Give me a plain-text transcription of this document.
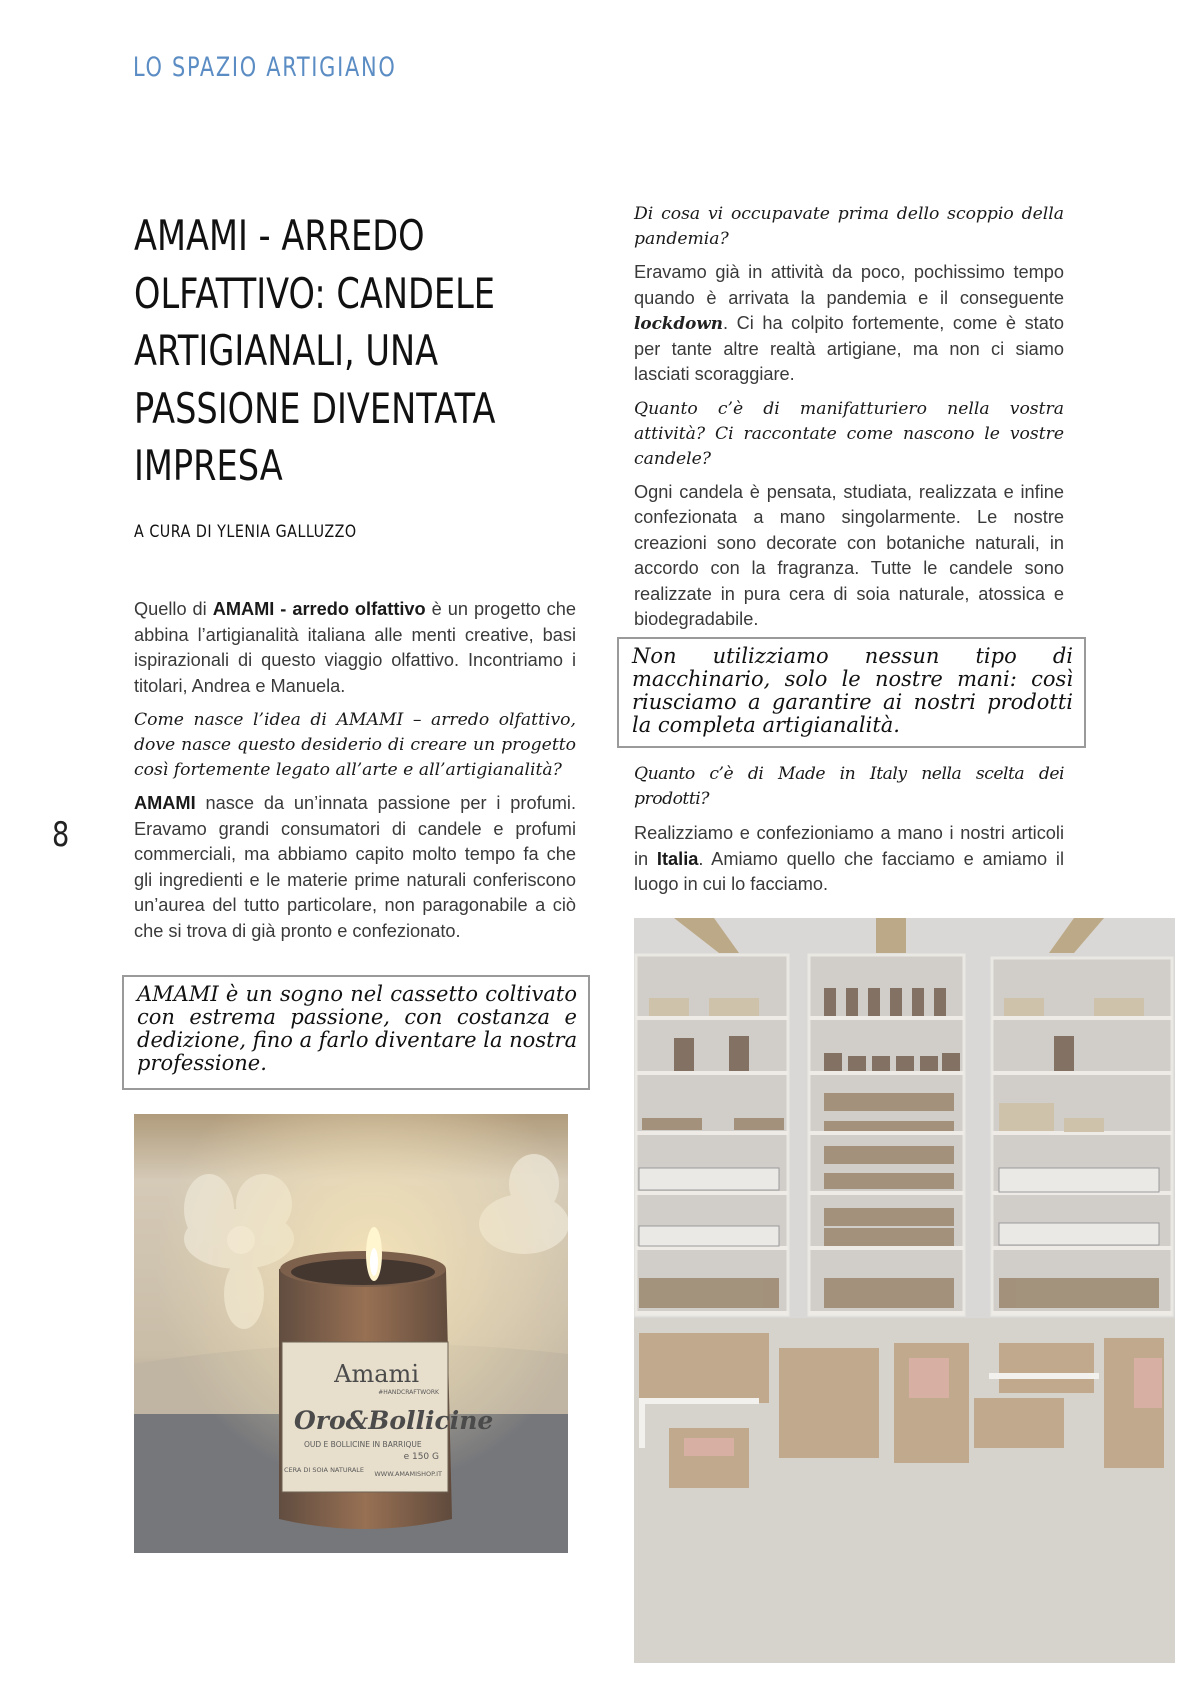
LO SPAZIO ARTIGIANO
AMAMI - ARREDO
OLFATTIVO: CANDELE
ARTIGIANALI, UNA
PASSIONE DIVENTATA
IMPRESA
A CURA DI YLENIA GALLUZZO

Quello di AMAMI - arredo olfattivo è un progetto che abbina l’artigianalità italiana alle menti creative, basi ispirazionali di questo viaggio olfattivo. Incontriamo i titolari, Andrea e Manuela.

Come nasce l’idea di AMAMI – arredo olfattivo, dove nasce questo desiderio di creare un progetto così fortemente legato all’arte e all’artigianalità?

AMAMI nasce da un’innata passione per i profumi. Eravamo grandi consumatori di candele e profumi commerciali, ma abbiamo capito molto tempo fa che gli ingredienti e le materie prime naturali conferiscono un’aurea del tutto particolare, non paragonabile a ciò che si trova di già pronto e confezionato.

AMAMI è un sogno nel cassetto coltivato
con estrema passione, con costanza e
dedizione, fino a farlo diventare la nostra
professione.
Amami
#HANDCRAFTWORK
Oro&Bollicine
OUD E BOLLICINE IN BARRIQUE
e 150 G
CERA DI SOIA NATURALE WWW.AMAMISHOP.IT

Di cosa vi occupavate prima dello scoppio della pandemia?

Eravamo già in attività da poco, pochissimo tempo quando è arrivata la pandemia e il conseguente lockdown. Ci ha colpito fortemente, come è stato per tante altre realtà artigiane, ma non ci siamo lasciati scoraggiare.

Quanto c’è di manifatturiero nella vostra attività? Ci raccontate come nascono le vostre candele?

Ogni candela è pensata, studiata, realizzata e infine confezionata a mano singolarmente. Le nostre creazioni sono decorate con botaniche naturali, in accordo con la fragranza. Tutte le candele sono realizzate in pura cera di soia naturale, atossica e biodegradabile.

Non utilizziamo nessun tipo di
macchinario, solo le nostre mani: così
riusciamo a garantire ai nostri prodotti
la completa artigianalità.

Quanto c’è di Made in Italy nella scelta dei prodotti?

Realizziamo e confezioniamo a mano i nostri articoli in Italia. Amiamo quello che facciamo e amiamo il luogo in cui lo facciamo.

8
